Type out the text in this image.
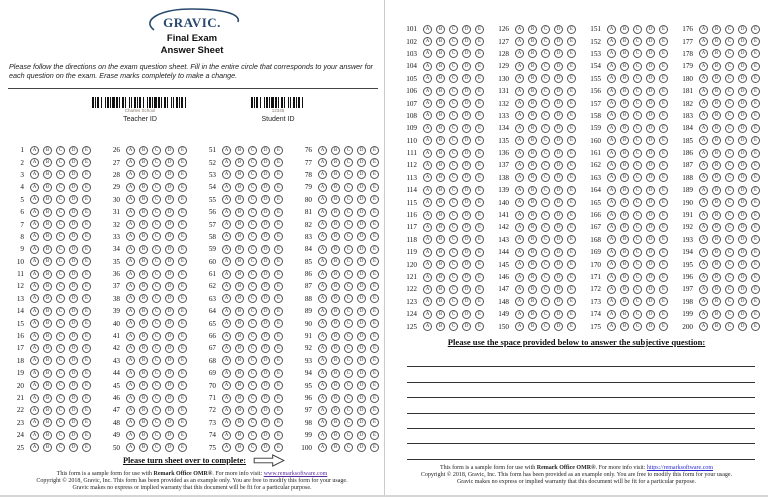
GRAVIC.
Final Exam
Answer Sheet
Please follow the directions on the exam question sheet. Fill in the entire circle that corresponds to your answer for each question on the exam. Erase marks completely to make a change.
Charles School
Teacher ID
12345
Student ID
1	A	B	C	D	E
2	A	B	C	D	E
3	A	B	C	D	E
4	A	B	C	D	E
5	A	B	C	D	E
6	A	B	C	D	E
7	A	B	C	D	E
8	A	B	C	D	E
9	A	B	C	D	E
10	A	B	C	D	E
11	A	B	C	D	E
12	A	B	C	D	E
13	A	B	C	D	E
14	A	B	C	D	E
15	A	B	C	D	E
16	A	B	C	D	E
17	A	B	C	D	E
18	A	B	C	D	E
19	A	B	C	D	E
20	A	B	C	D	E
21	A	B	C	D	E
22	A	B	C	D	E
23	A	B	C	D	E
24	A	B	C	D	E
25	A	B	C	D	E
26	A	B	C	D	E
27	A	B	C	D	E
28	A	B	C	D	E
29	A	B	C	D	E
30	A	B	C	D	E
31	A	B	C	D	E
32	A	B	C	D	E
33	A	B	C	D	E
34	A	B	C	D	E
35	A	B	C	D	E
36	A	B	C	D	E
37	A	B	C	D	E
38	A	B	C	D	E
39	A	B	C	D	E
40	A	B	C	D	E
41	A	B	C	D	E
42	A	B	C	D	E
43	A	B	C	D	E
44	A	B	C	D	E
45	A	B	C	D	E
46	A	B	C	D	E
47	A	B	C	D	E
48	A	B	C	D	E
49	A	B	C	D	E
50	A	B	C	D	E
51	A	B	C	D	E
52	A	B	C	D	E
53	A	B	C	D	E
54	A	B	C	D	E
55	A	B	C	D	E
56	A	B	C	D	E
57	A	B	C	D	E
58	A	B	C	D	E
59	A	B	C	D	E
60	A	B	C	D	E
61	A	B	C	D	E
62	A	B	C	D	E
63	A	B	C	D	E
64	A	B	C	D	E
65	A	B	C	D	E
66	A	B	C	D	E
67	A	B	C	D	E
68	A	B	C	D	E
69	A	B	C	D	E
70	A	B	C	D	E
71	A	B	C	D	E
72	A	B	C	D	E
73	A	B	C	D	E
74	A	B	C	D	E
75	A	B	C	D	E
76	A	B	C	D	E
77	A	B	C	D	E
78	A	B	C	D	E
79	A	B	C	D	E
80	A	B	C	D	E
81	A	B	C	D	E
82	A	B	C	D	E
83	A	B	C	D	E
84	A	B	C	D	E
85	A	B	C	D	E
86	A	B	C	D	E
87	A	B	C	D	E
88	A	B	C	D	E
89	A	B	C	D	E
90	A	B	C	D	E
91	A	B	C	D	E
92	A	B	C	D	E
93	A	B	C	D	E
94	A	B	C	D	E
95	A	B	C	D	E
96	A	B	C	D	E
97	A	B	C	D	E
98	A	B	C	D	E
99	A	B	C	D	E
100	A	B	C	D	E
Please turn sheet over to complete:
This form is a sample form for use with Remark Office OMR®. For more info visit: www.remarksoftware.com
Copyright © 2018, Gravic, Inc. This form has been provided as an example only. You are free to modify this form for your usage.
Gravic makes no express or implied warranty that this document will be fit for a particular purpose.
101	A	B	C	D	E
102	A	B	C	D	E
103	A	B	C	D	E
104	A	B	C	D	E
105	A	B	C	D	E
106	A	B	C	D	E
107	A	B	C	D	E
108	A	B	C	D	E
109	A	B	C	D	E
110	A	B	C	D	E
111	A	B	C	D	E
112	A	B	C	D	E
113	A	B	C	D	E
114	A	B	C	D	E
115	A	B	C	D	E
116	A	B	C	D	E
117	A	B	C	D	E
118	A	B	C	D	E
119	A	B	C	D	E
120	A	B	C	D	E
121	A	B	C	D	E
122	A	B	C	D	E
123	A	B	C	D	E
124	A	B	C	D	E
125	A	B	C	D	E
126	A	B	C	D	E
127	A	B	C	D	E
128	A	B	C	D	E
129	A	B	C	D	E
130	A	B	C	D	E
131	A	B	C	D	E
132	A	B	C	D	E
133	A	B	C	D	E
134	A	B	C	D	E
135	A	B	C	D	E
136	A	B	C	D	E
137	A	B	C	D	E
138	A	B	C	D	E
139	A	B	C	D	E
140	A	B	C	D	E
141	A	B	C	D	E
142	A	B	C	D	E
143	A	B	C	D	E
144	A	B	C	D	E
145	A	B	C	D	E
146	A	B	C	D	E
147	A	B	C	D	E
148	A	B	C	D	E
149	A	B	C	D	E
150	A	B	C	D	E
151	A	B	C	D	E
152	A	B	C	D	E
153	A	B	C	D	E
154	A	B	C	D	E
155	A	B	C	D	E
156	A	B	C	D	E
157	A	B	C	D	E
158	A	B	C	D	E
159	A	B	C	D	E
160	A	B	C	D	E
161	A	B	C	D	E
162	A	B	C	D	E
163	A	B	C	D	E
164	A	B	C	D	E
165	A	B	C	D	E
166	A	B	C	D	E
167	A	B	C	D	E
168	A	B	C	D	E
169	A	B	C	D	E
170	A	B	C	D	E
171	A	B	C	D	E
172	A	B	C	D	E
173	A	B	C	D	E
174	A	B	C	D	E
175	A	B	C	D	E
176	A	B	C	D	E
177	A	B	C	D	E
178	A	B	C	D	E
179	A	B	C	D	E
180	A	B	C	D	E
181	A	B	C	D	E
182	A	B	C	D	E
183	A	B	C	D	E
184	A	B	C	D	E
185	A	B	C	D	E
186	A	B	C	D	E
187	A	B	C	D	E
188	A	B	C	D	E
189	A	B	C	D	E
190	A	B	C	D	E
191	A	B	C	D	E
192	A	B	C	D	E
193	A	B	C	D	E
194	A	B	C	D	E
195	A	B	C	D	E
196	A	B	C	D	E
197	A	B	C	D	E
198	A	B	C	D	E
199	A	B	C	D	E
200	A	B	C	D	E
Please use the space provided below to answer the subjective question:
This form is a sample form for use with Remark Office OMR®. For more info visit: https://remarksoftware.com
Copyright © 2018, Gravic, Inc. This form has been provided as an example only. You are free to modify this form for your usage.
Gravic makes no express or implied warranty that this document will be fit for a particular purpose.
